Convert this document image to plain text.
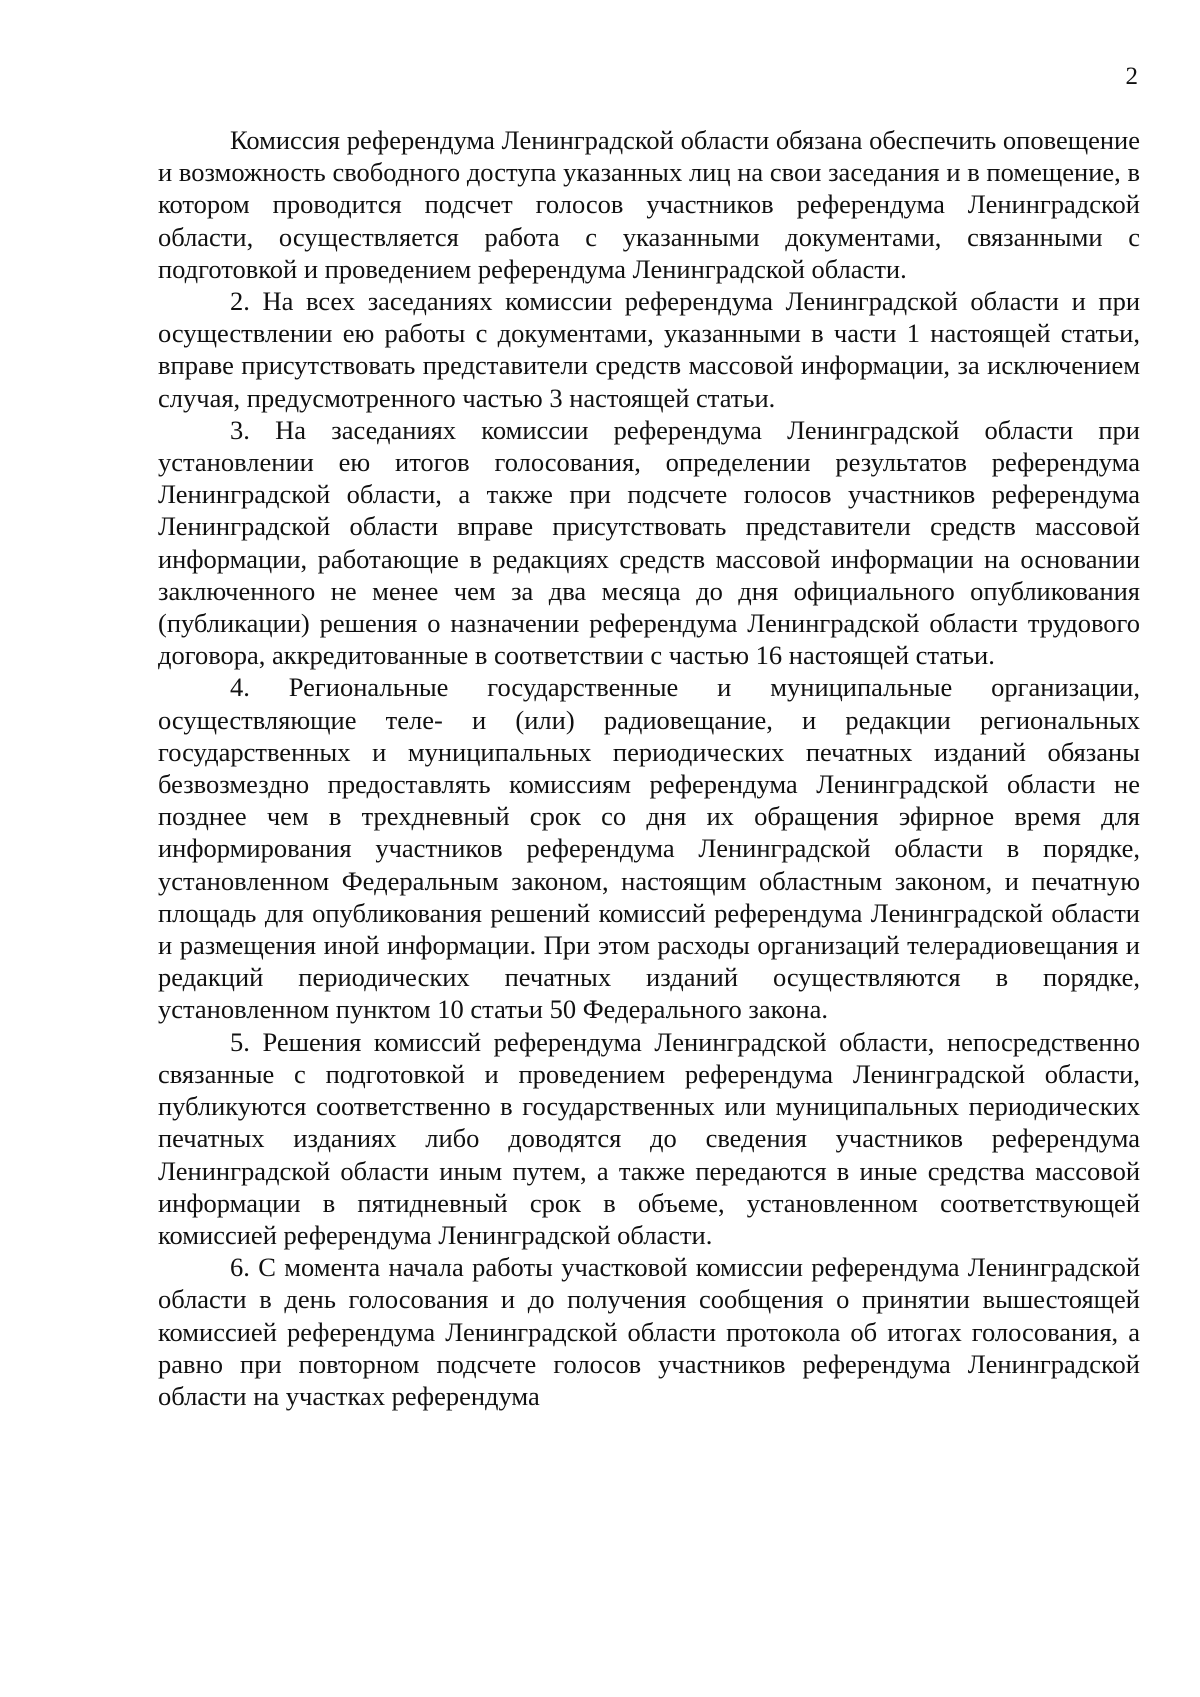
2

Комиссия референдума Ленинградской области обязана обеспечить оповещение и возможность свободного доступа указанных лиц на свои заседания и в помещение, в котором проводится подсчет голосов участников референдума Ленинградской области, осуществляется работа с указанными документами, связанными с подготовкой и проведением референдума Ленинградской области.

2. На всех заседаниях комиссии референдума Ленинградской области и при осуществлении ею работы с документами, указанными в части 1 настоящей статьи, вправе присутствовать представители средств массовой информации, за исключением случая, предусмотренного частью 3 настоящей статьи.

3. На заседаниях комиссии референдума Ленинградской области при установлении ею итогов голосования, определении результатов референдума Ленинградской области, а также при подсчете голосов участников референдума Ленинградской области вправе присутствовать представители средств массовой информации, работающие в редакциях средств массовой информации на основании заключенного не менее чем за два месяца до дня официального опубликования (публикации) решения о назначении референдума Ленинградской области трудового договора, аккредитованные в соответствии с частью 16 настоящей статьи.

4. Региональные государственные и муниципальные организации, осуществляющие теле- и (или) радиовещание, и редакции региональных государственных и муниципальных периодических печатных изданий обязаны безвозмездно предоставлять комиссиям референдума Ленинградской области не позднее чем в трехдневный срок со дня их обращения эфирное время для информирования участников референдума Ленинградской области в порядке, установленном Федеральным законом, настоящим областным законом, и печатную площадь для опубликования решений комиссий референдума Ленинградской области и размещения иной информации. При этом расходы организаций телерадиовещания и редакций периодических печатных изданий осуществляются в порядке, установленном пунктом 10 статьи 50 Федерального закона.

5. Решения комиссий референдума Ленинградской области, непосредственно связанные с подготовкой и проведением референдума Ленинградской области, публикуются соответственно в государственных или муниципальных периодических печатных изданиях либо доводятся до сведения участников референдума Ленинградской области иным путем, а также передаются в иные средства массовой информации в пятидневный срок в объеме, установленном соответствующей комиссией референдума Ленинградской области.

6. С момента начала работы участковой комиссии референдума Ленинградской области в день голосования и до получения сообщения о принятии вышестоящей комиссией референдума Ленинградской области протокола об итогах голосования, а равно при повторном подсчете голосов участников референдума Ленинградской области на участках референдума
